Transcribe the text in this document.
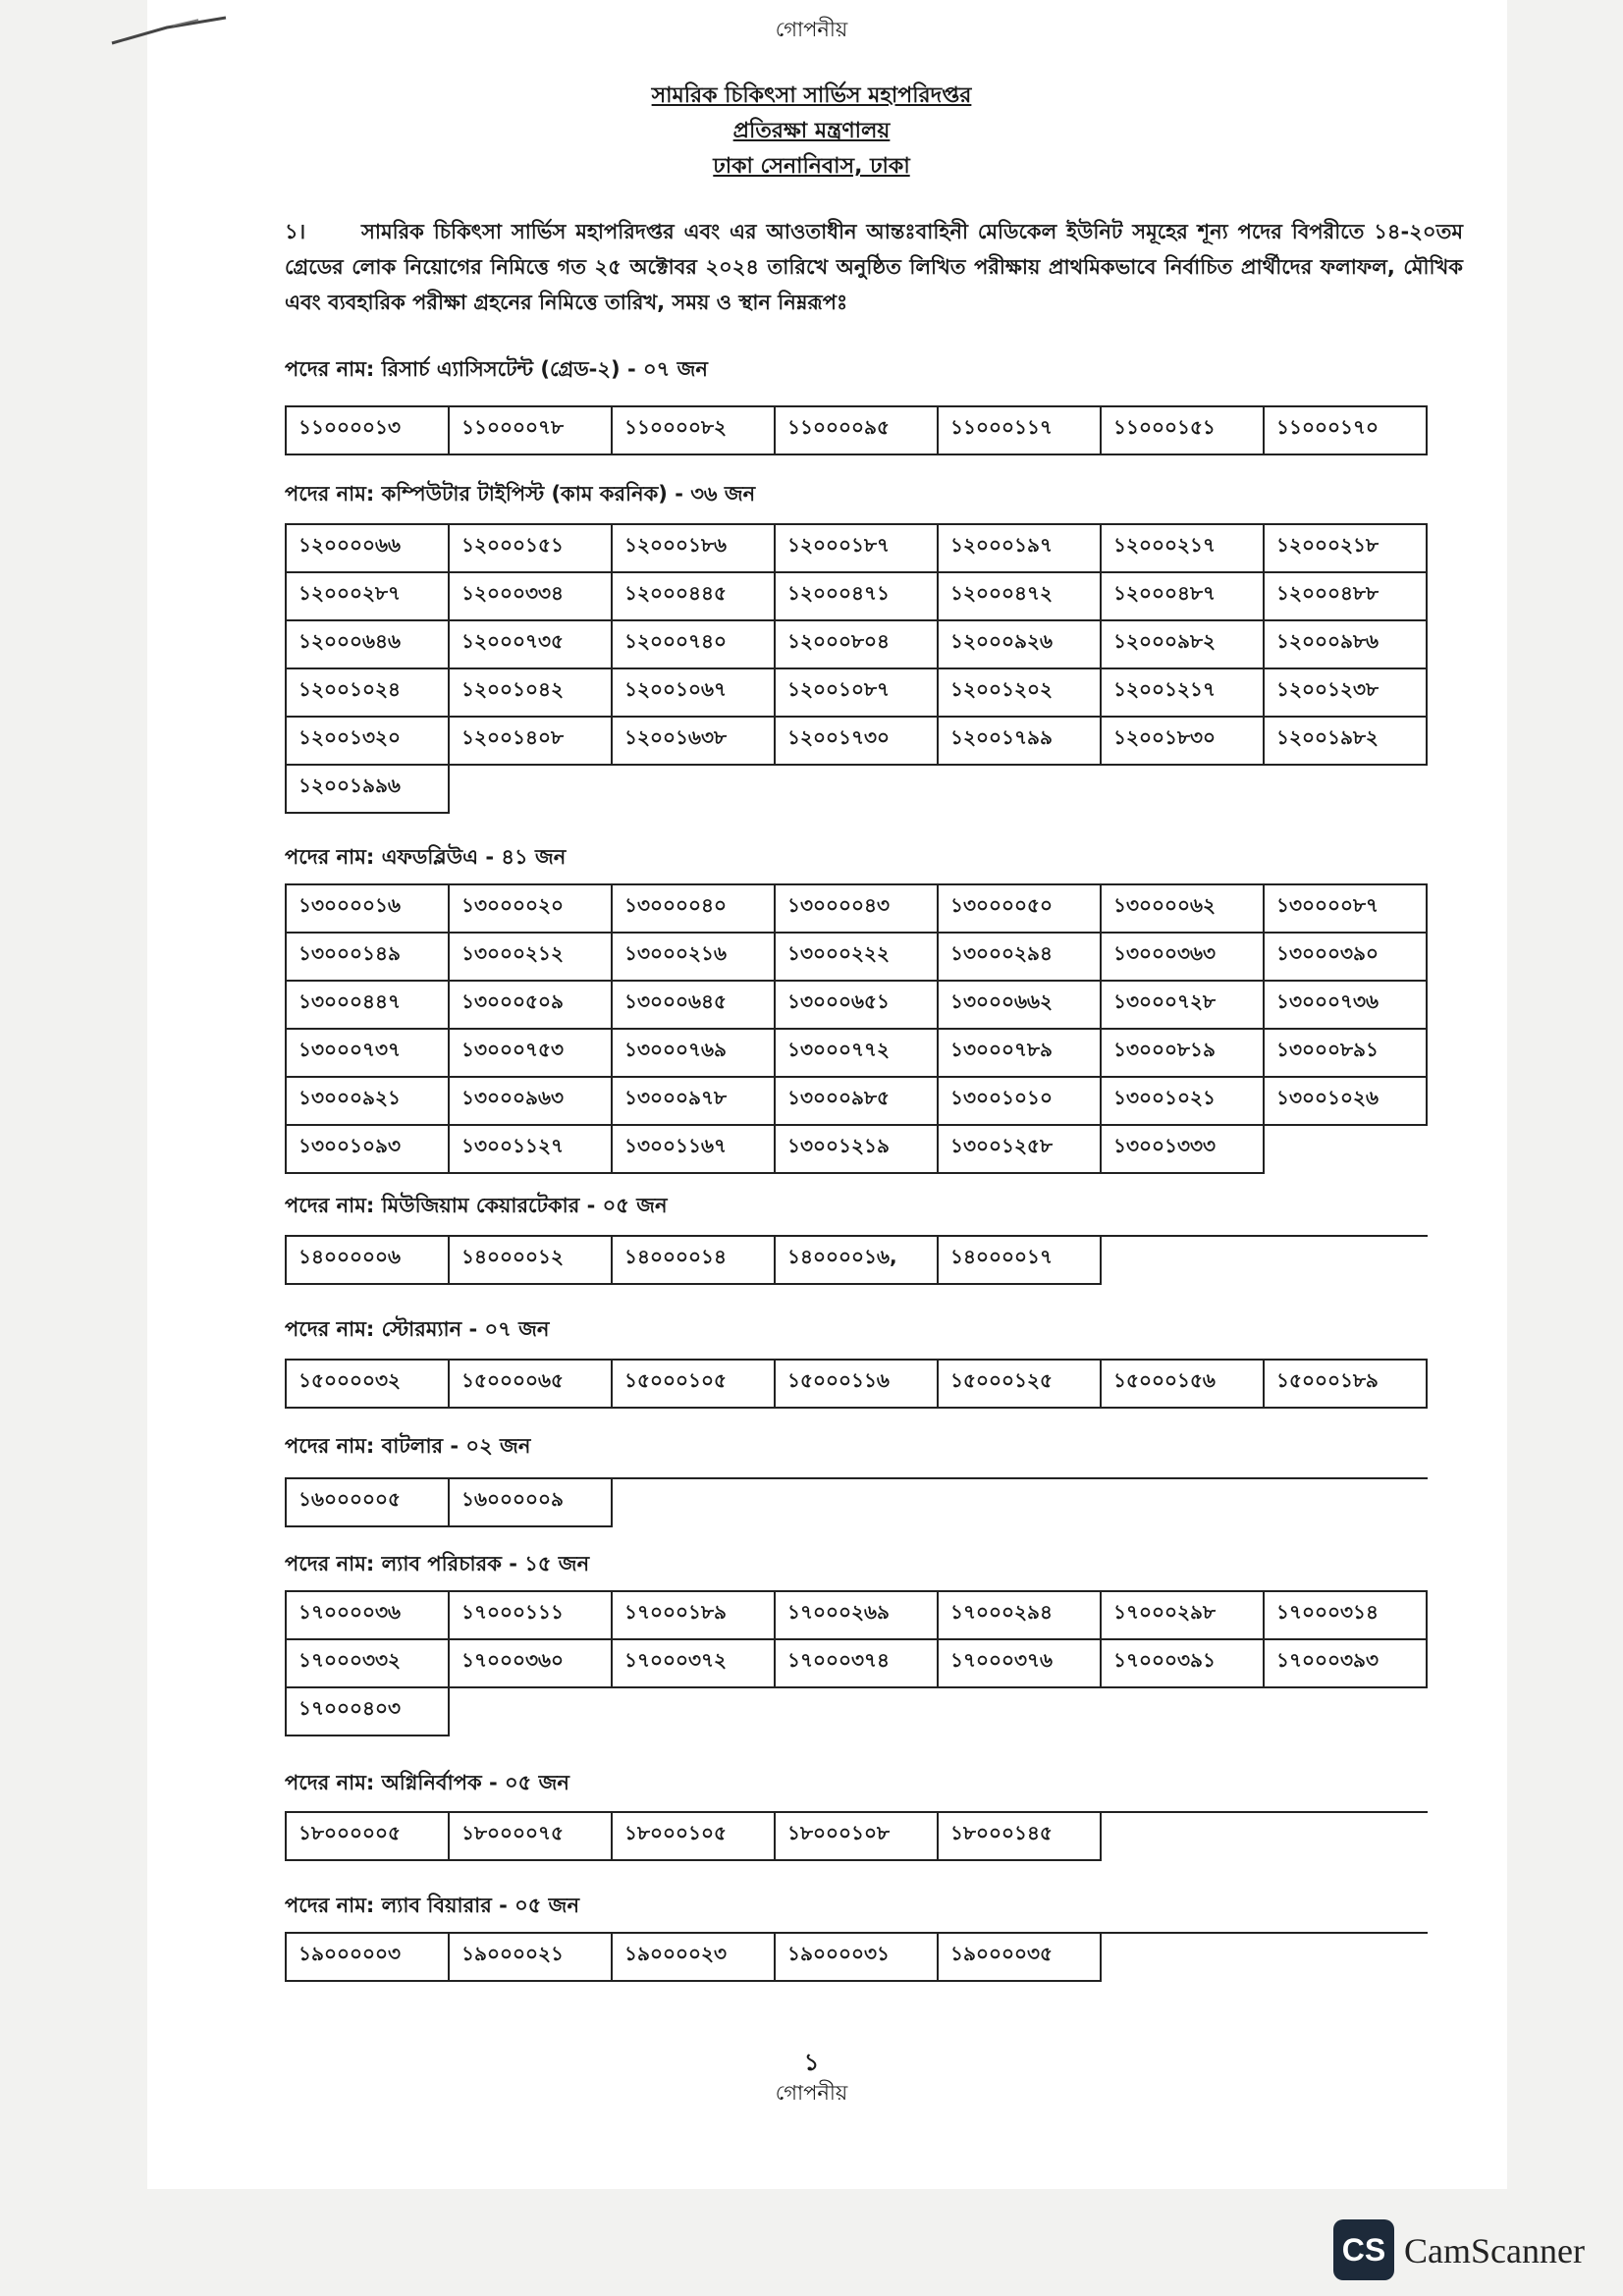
গোপনীয়
সামরিক চিকিৎসা সার্ভিস মহাপরিদপ্তর
প্রতিরক্ষা মন্ত্রণালয়
ঢাকা সেনানিবাস, ঢাকা
১।	সামরিক চিকিৎসা সার্ভিস মহাপরিদপ্তর এবং এর আওতাধীন আন্তঃবাহিনী মেডিকেল ইউনিট সমূহের শূন্য পদের বিপরীতে ১৪-২০তম গ্রেডের লোক নিয়োগের নিমিত্তে গত ২৫ অক্টোবর ২০২৪ তারিখে অনুষ্ঠিত লিখিত পরীক্ষায় প্রাথমিকভাবে নির্বাচিত প্রার্থীদের ফলাফল, মৌখিক এবং ব্যবহারিক পরীক্ষা গ্রহনের নিমিত্তে তারিখ, সময় ও স্থান নিম্নরূপঃ
পদের নাম: রিসার্চ এ্যাসিসটেন্ট (গ্রেড-২) - ০৭ জন
১১০০০০১৩	১১০০০০৭৮	১১০০০০৮২	১১০০০০৯৫	১১০০০১১৭	১১০০০১৫১	১১০০০১৭০
পদের নাম: কম্পিউটার টাইপিস্ট (কাম করনিক) - ৩৬ জন
১২০০০০৬৬	১২০০০১৫১	১২০০০১৮৬	১২০০০১৮৭	১২০০০১৯৭	১২০০০২১৭	১২০০০২১৮
১২০০০২৮৭	১২০০০৩৩৪	১২০০০৪৪৫	১২০০০৪৭১	১২০০০৪৭২	১২০০০৪৮৭	১২০০০৪৮৮
১২০০০৬৪৬	১২০০০৭৩৫	১২০০০৭৪০	১২০০০৮০৪	১২০০০৯২৬	১২০০০৯৮২	১২০০০৯৮৬
১২০০১০২৪	১২০০১০৪২	১২০০১০৬৭	১২০০১০৮৭	১২০০১২০২	১২০০১২১৭	১২০০১২৩৮
১২০০১৩২০	১২০০১৪০৮	১২০০১৬৩৮	১২০০১৭৩০	১২০০১৭৯৯	১২০০১৮৩০	১২০০১৯৮২
১২০০১৯৯৬
পদের নাম: এফডব্লিউএ - ৪১ জন
১৩০০০০১৬	১৩০০০০২০	১৩০০০০৪০	১৩০০০০৪৩	১৩০০০০৫০	১৩০০০০৬২	১৩০০০০৮৭
১৩০০০১৪৯	১৩০০০২১২	১৩০০০২১৬	১৩০০০২২২	১৩০০০২৯৪	১৩০০০৩৬৩	১৩০০০৩৯০
১৩০০০৪৪৭	১৩০০০৫০৯	১৩০০০৬৪৫	১৩০০০৬৫১	১৩০০০৬৬২	১৩০০০৭২৮	১৩০০০৭৩৬
১৩০০০৭৩৭	১৩০০০৭৫৩	১৩০০০৭৬৯	১৩০০০৭৭২	১৩০০০৭৮৯	১৩০০০৮১৯	১৩০০০৮৯১
১৩০০০৯২১	১৩০০০৯৬৩	১৩০০০৯৭৮	১৩০০০৯৮৫	১৩০০১০১০	১৩০০১০২১	১৩০০১০২৬
১৩০০১০৯৩	১৩০০১১২৭	১৩০০১১৬৭	১৩০০১২১৯	১৩০০১২৫৮	১৩০০১৩৩৩
পদের নাম: মিউজিয়াম কেয়ারটেকার - ০৫ জন
১৪০০০০০৬	১৪০০০০১২	১৪০০০০১৪	১৪০০০০১৬,	১৪০০০০১৭
পদের নাম: স্টোরম্যান - ০৭ জন
১৫০০০০৩২	১৫০০০০৬৫	১৫০০০১০৫	১৫০০০১১৬	১৫০০০১২৫	১৫০০০১৫৬	১৫০০০১৮৯
পদের নাম: বাটলার - ০২ জন
১৬০০০০০৫	১৬০০০০০৯
পদের নাম: ল্যাব পরিচারক - ১৫ জন
১৭০০০০৩৬	১৭০০০১১১	১৭০০০১৮৯	১৭০০০২৬৯	১৭০০০২৯৪	১৭০০০২৯৮	১৭০০০৩১৪
১৭০০০৩৩২	১৭০০০৩৬০	১৭০০০৩৭২	১৭০০০৩৭৪	১৭০০০৩৭৬	১৭০০০৩৯১	১৭০০০৩৯৩
১৭০০০৪০৩
পদের নাম: অগ্নিনির্বাপক - ০৫ জন
১৮০০০০০৫	১৮০০০০৭৫	১৮০০০১০৫	১৮০০০১০৮	১৮০০০১৪৫
পদের নাম: ল্যাব বিয়ারার - ০৫ জন
১৯০০০০০৩	১৯০০০০২১	১৯০০০০২৩	১৯০০০০৩১	১৯০০০০৩৫
১
গোপনীয়
CS CamScanner
